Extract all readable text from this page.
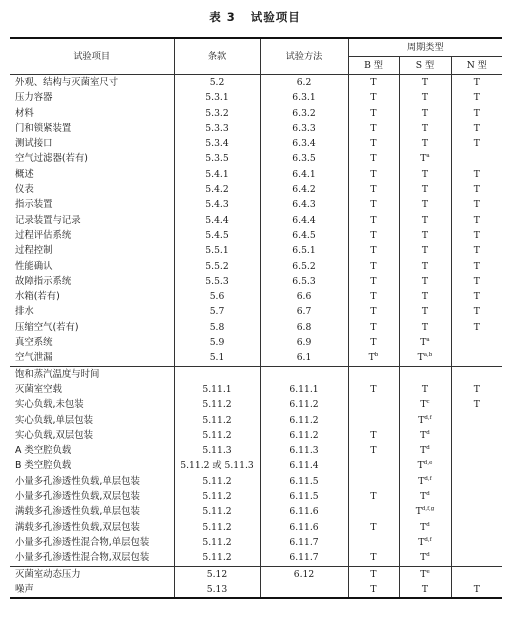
表 3 试验项目
试验项目	条款	试验方法	周期类型		
			B 型	S 型	N 型
外观、结构与灭菌室尺寸	5.2	6.2	T	T	T
压力容器	5.3.1	6.3.1	T	T	T
材料	5.3.2	6.3.2	T	T	T
门和锁紧装置	5.3.3	6.3.3	T	T	T
测试接口	5.3.4	6.3.4	T	T	T
空气过滤器(若有)	5.3.5	6.3.5	T	$T^a$	
概述	5.4.1	6.4.1	T	T	T
仪表	5.4.2	6.4.2	T	T	T
指示装置	5.4.3	6.4.3	T	T	T
记录装置与记录	5.4.4	6.4.4	T	T	T
过程评估系统	5.4.5	6.4.5	T	T	T
过程控制	5.5.1	6.5.1	T	T	T
性能确认	5.5.2	6.5.2	T	T	T
故障指示系统	5.5.3	6.5.3	T	T	T
水箱(若有)	5.6	6.6	T	T	T
排水	5.7	6.7	T	T	T
压缩空气(若有)	5.8	6.8	T	T	T
真空系统	5.9	6.9	T	$T^a$	
空气泄漏	5.1	6.1	$T^b$	T$^{a,b}$	
饱和蒸汽温度与时间					
灭菌室空载	5.11.1	6.11.1	T	T	T
实心负载,未包装	5.11.2	6.11.2		$T^c$	T
实心负载,单层包装	5.11.2	6.11.2		T$^{d,f}$	
实心负载,双层包装	5.11.2	6.11.2	T	$T^d$	
A 类空腔负载	5.11.3	6.11.3	T	$T^d$	
B 类空腔负载	5.11.2 或 5.11.3	6.11.4		T$^{d,e}$	
小量多孔渗透性负载,单层包装	5.11.2	6.11.5		T$^{d,f}$	
小量多孔渗透性负载,双层包装	5.11.2	6.11.5	T	$T^d$	
满载多孔渗透性负载,单层包装	5.11.2	6.11.6		T$^{d,f,g}$	
满载多孔渗透性负载,双层包装	5.11.2	6.11.6	T	$T^d$	
小量多孔渗透性混合物,单层包装	5.11.2	6.11.7		T$^{d,f}$	
小量多孔渗透性混合物,双层包装	5.11.2	6.11.7	T	$T^d$	
灭菌室动态压力	5.12	6.12	T	$T^e$	
噪声	5.13		T	T	T
